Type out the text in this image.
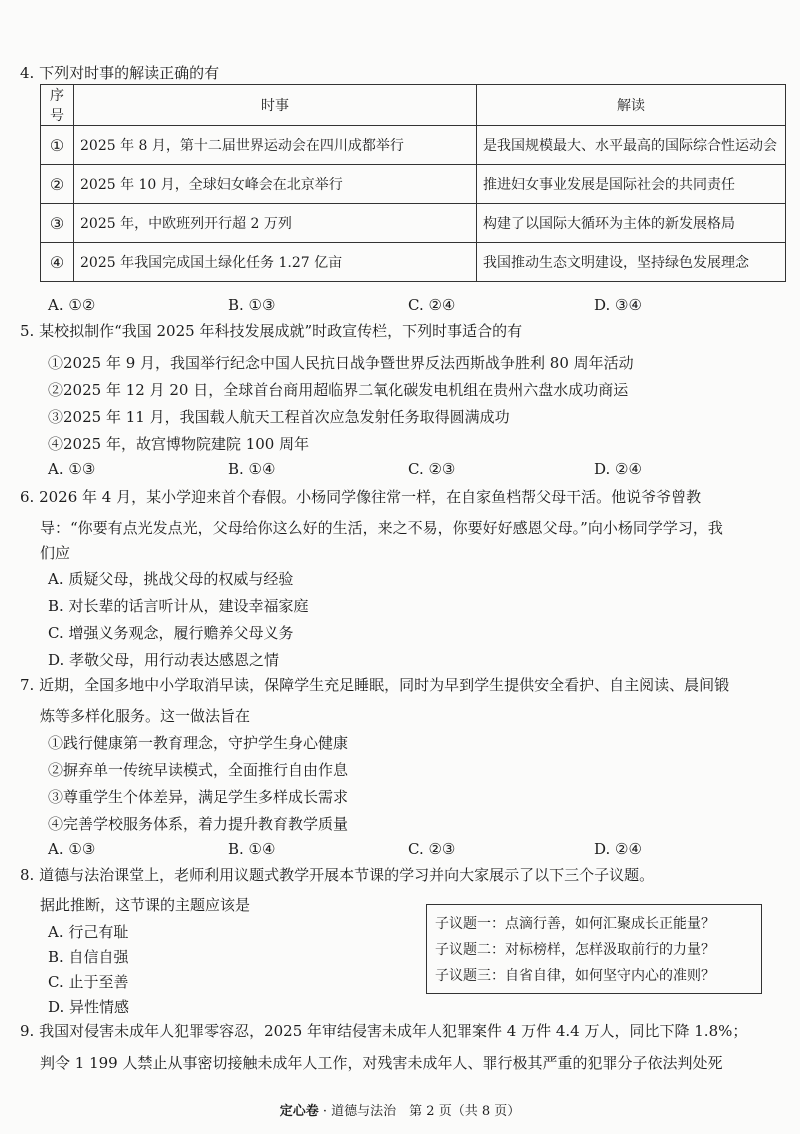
4. 下列对时事的解读正确的有
序号	时事	解读
①	2025 年 8 月，第十二届世界运动会在四川成都举行	是我国规模最大、水平最高的国际综合性运动会
②	2025 年 10 月，全球妇女峰会在北京举行	推进妇女事业发展是国际社会的共同责任
③	2025 年，中欧班列开行超 2 万列	构建了以国际大循环为主体的新发展格局
④	2025 年我国完成国土绿化任务 1.27 亿亩	我国推动生态文明建设，坚持绿色发展理念
A. ①②	B. ①③	C. ②④	D. ③④
5. 某校拟制作“我国 2025 年科技发展成就”时政宣传栏，下列时事适合的有
①2025 年 9 月，我国举行纪念中国人民抗日战争暨世界反法西斯战争胜利 80 周年活动
②2025 年 12 月 20 日，全球首台商用超临界二氧化碳发电机组在贵州六盘水成功商运
③2025 年 11 月，我国载人航天工程首次应急发射任务取得圆满成功
④2025 年，故宫博物院建院 100 周年
A. ①③	B. ①④	C. ②③	D. ②④
6. 2026 年 4 月，某小学迎来首个春假。小杨同学像往常一样，在自家鱼档帮父母干活。他说爷爷曾教
导：“你要有点光发点光，父母给你这么好的生活，来之不易，你要好好感恩父母。”向小杨同学学习，我
们应
A. 质疑父母，挑战父母的权威与经验
B. 对长辈的话言听计从，建设幸福家庭
C. 增强义务观念，履行赡养父母义务
D. 孝敬父母，用行动表达感恩之情
7. 近期，全国多地中小学取消早读，保障学生充足睡眠，同时为早到学生提供安全看护、自主阅读、晨间锻
炼等多样化服务。这一做法旨在
①践行健康第一教育理念，守护学生身心健康
②摒弃单一传统早读模式，全面推行自由作息
③尊重学生个体差异，满足学生多样成长需求
④完善学校服务体系，着力提升教育教学质量
A. ①③	B. ①④	C. ②③	D. ②④
8. 道德与法治课堂上，老师利用议题式教学开展本节课的学习并向大家展示了以下三个子议题。
据此推断，这节课的主题应该是
A. 行己有耻
B. 自信自强
C. 止于至善
D. 异性情感
子议题一：点滴行善，如何汇聚成长正能量？
子议题二：对标榜样，怎样汲取前行的力量？
子议题三：自省自律，如何坚守内心的准则？
9. 我国对侵害未成年人犯罪零容忍，2025 年审结侵害未成年人犯罪案件 4 万件 4.4 万人，同比下降 1.8%；
判令 1 199 人禁止从事密切接触未成年人工作，对残害未成年人、罪行极其严重的犯罪分子依法判处死
定心卷 · 道德与法治　第 2 页（共 8 页）
